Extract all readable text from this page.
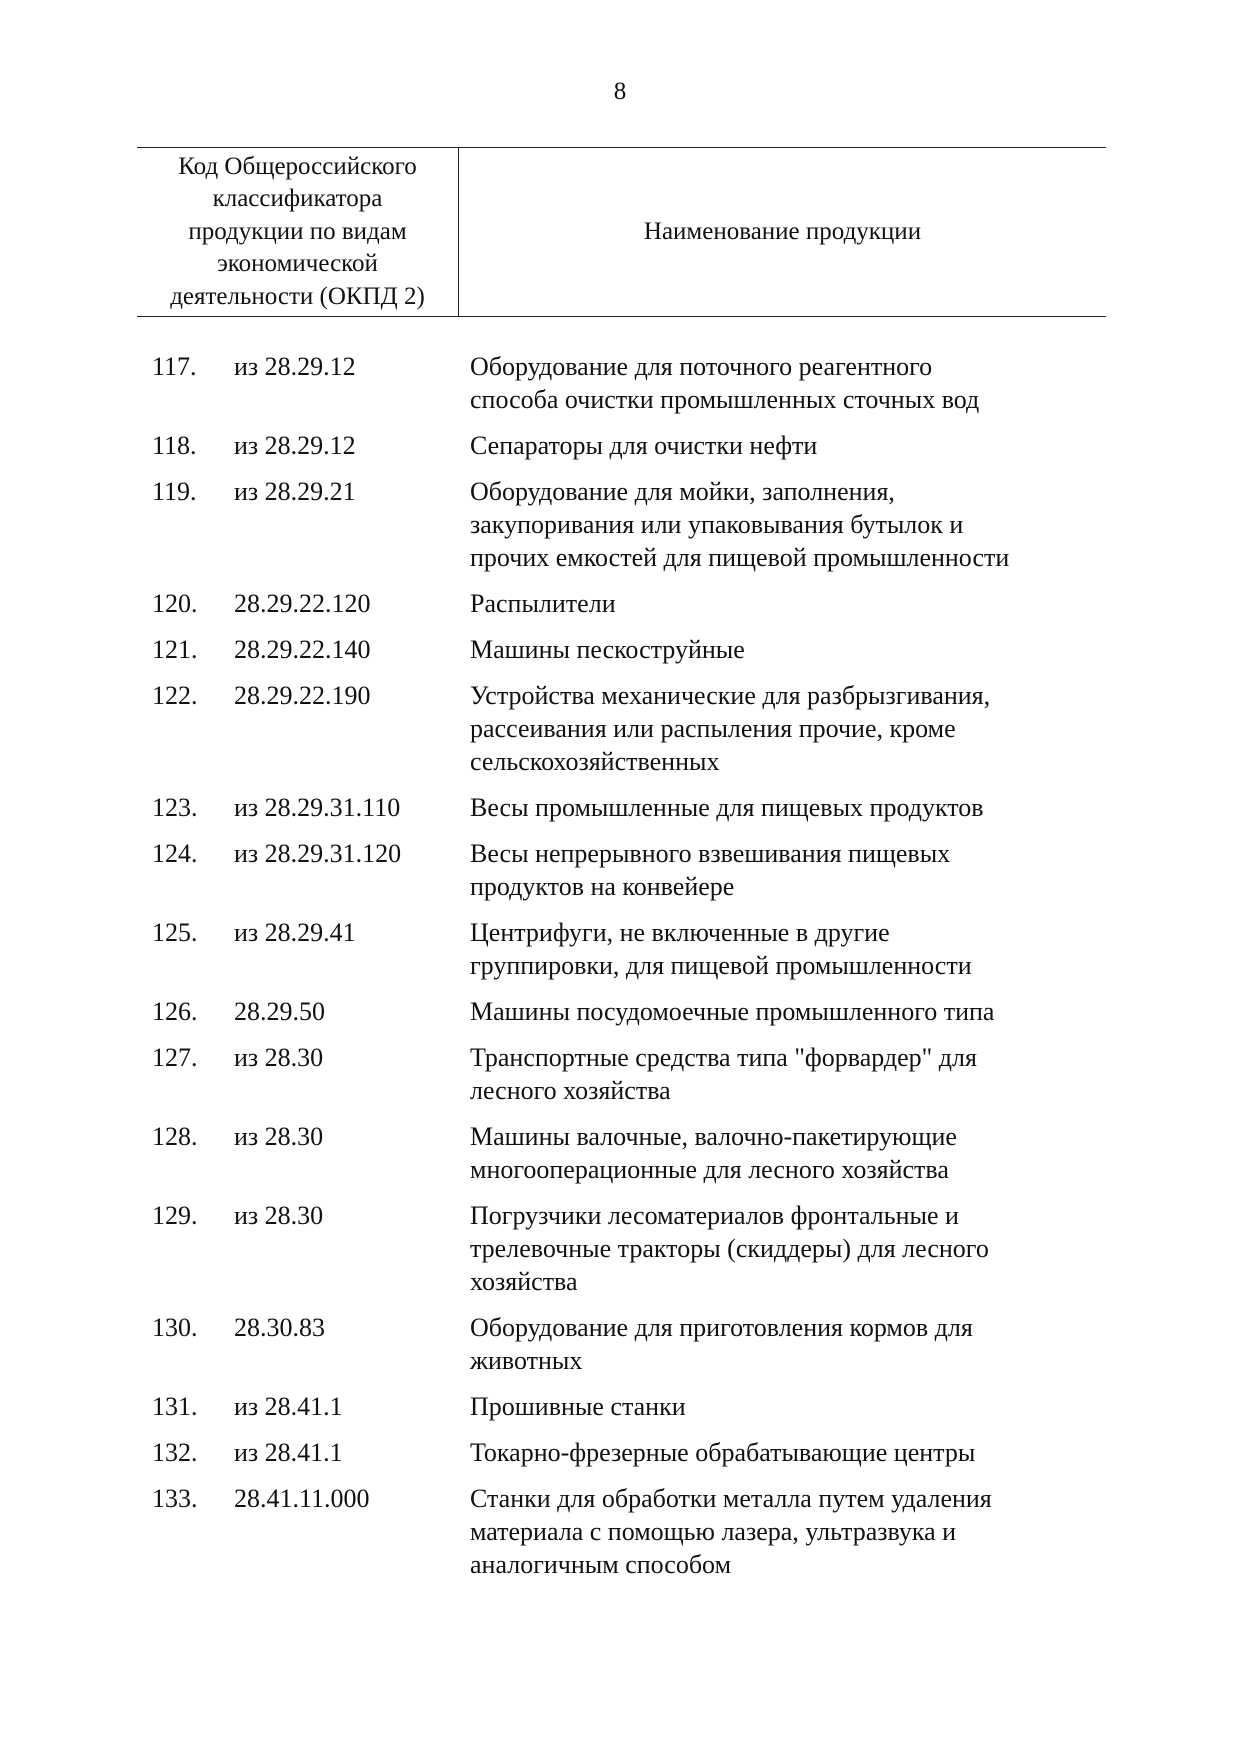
8
Код Общероссийского
классификатора
продукции по видам
экономической
деятельности (ОКПД 2)
Наименование продукции
117.	из 28.29.12	Оборудование для поточного реагентного
способа очистки промышленных сточных вод
118.	из 28.29.12	Сепараторы для очистки нефти
119.	из 28.29.21	Оборудование для мойки, заполнения,
закупоривания или упаковывания бутылок и
прочих емкостей для пищевой промышленности
120.	28.29.22.120	Распылители
121.	28.29.22.140	Машины пескоструйные
122.	28.29.22.190	Устройства механические для разбрызгивания,
рассеивания или распыления прочие, кроме
сельскохозяйственных
123.	из 28.29.31.110	Весы промышленные для пищевых продуктов
124.	из 28.29.31.120	Весы непрерывного взвешивания пищевых
продуктов на конвейере
125.	из 28.29.41	Центрифуги, не включенные в другие
группировки, для пищевой промышленности
126.	28.29.50	Машины посудомоечные промышленного типа
127.	из 28.30	Транспортные средства типа "форвардер" для
лесного хозяйства
128.	из 28.30	Машины валочные, валочно-пакетирующие
многооперационные для лесного хозяйства
129.	из 28.30	Погрузчики лесоматериалов фронтальные и
трелевочные тракторы (скиддеры) для лесного
хозяйства
130.	28.30.83	Оборудование для приготовления кормов для
животных
131.	из 28.41.1	Прошивные станки
132.	из 28.41.1	Токарно-фрезерные обрабатывающие центры
133.	28.41.11.000	Станки для обработки металла путем удаления
материала с помощью лазера, ультразвука и
аналогичным способом
